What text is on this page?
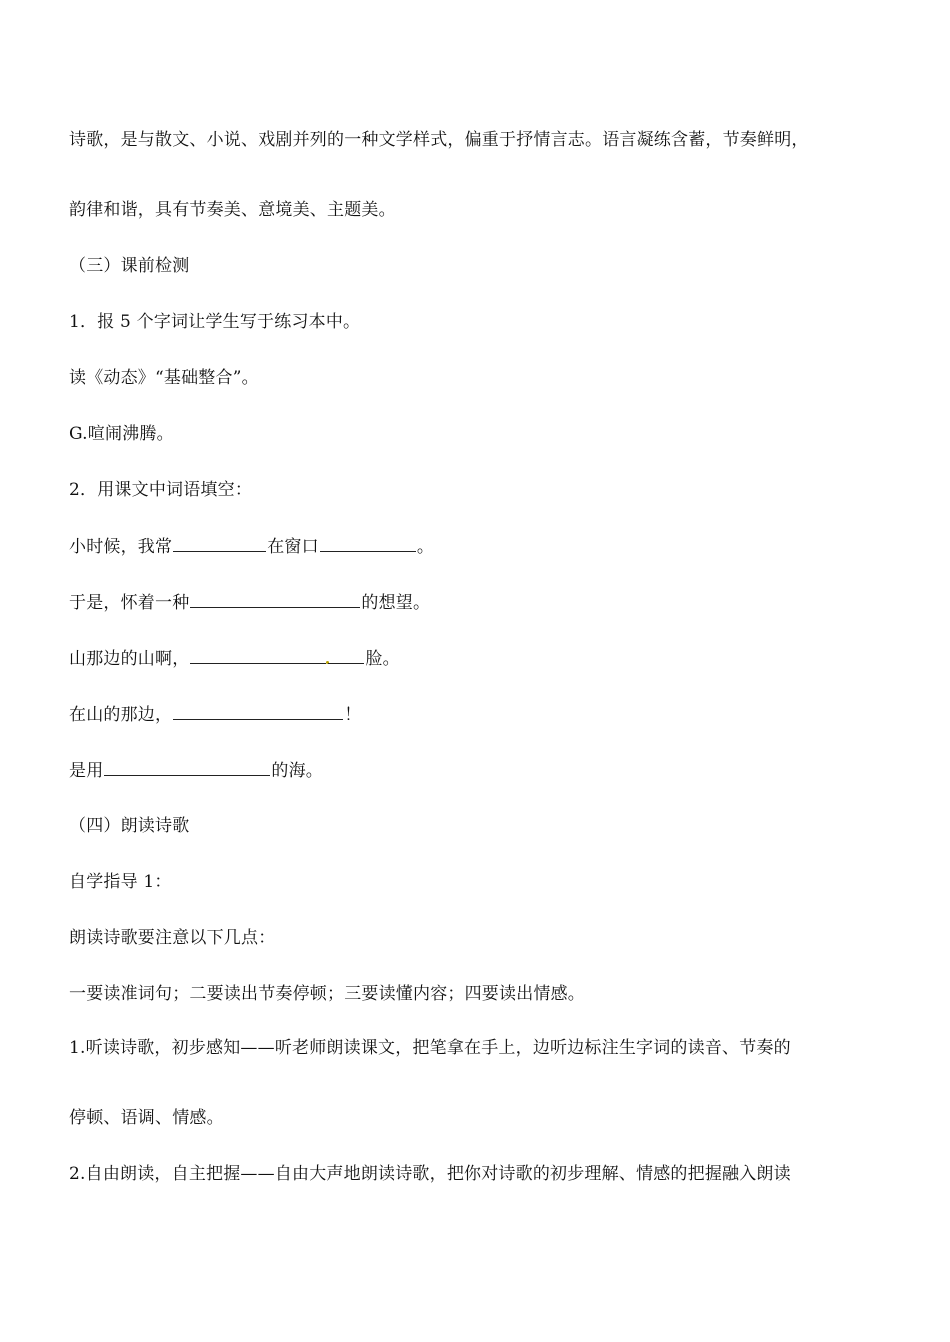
诗歌，是与散文、小说、戏剧并列的一种文学样式，偏重于抒情言志。语言凝练含蓄，节奏鲜明，
韵律和谐，具有节奏美、意境美、主题美。
（三）课前检测
1．报 5 个字词让学生写于练习本中。
读《动态》“基础整合”。
G.喧闹沸腾。
2．用课文中词语填空：
小时候，我常	在窗口	。
于是，怀着一种	的想望。
山那边的山啊，	脸。
在山的那边，	！
是用	的海。
（四）朗读诗歌
自学指导 1：
朗读诗歌要注意以下几点：
一要读准词句；二要读出节奏停顿；三要读懂内容；四要读出情感。
1.听读诗歌，初步感知——听老师朗读课文，把笔拿在手上，边听边标注生字词的读音、节奏的
停顿、语调、情感。
2.自由朗读，自主把握——自由大声地朗读诗歌，把你对诗歌的初步理解、情感的把握融入朗读
